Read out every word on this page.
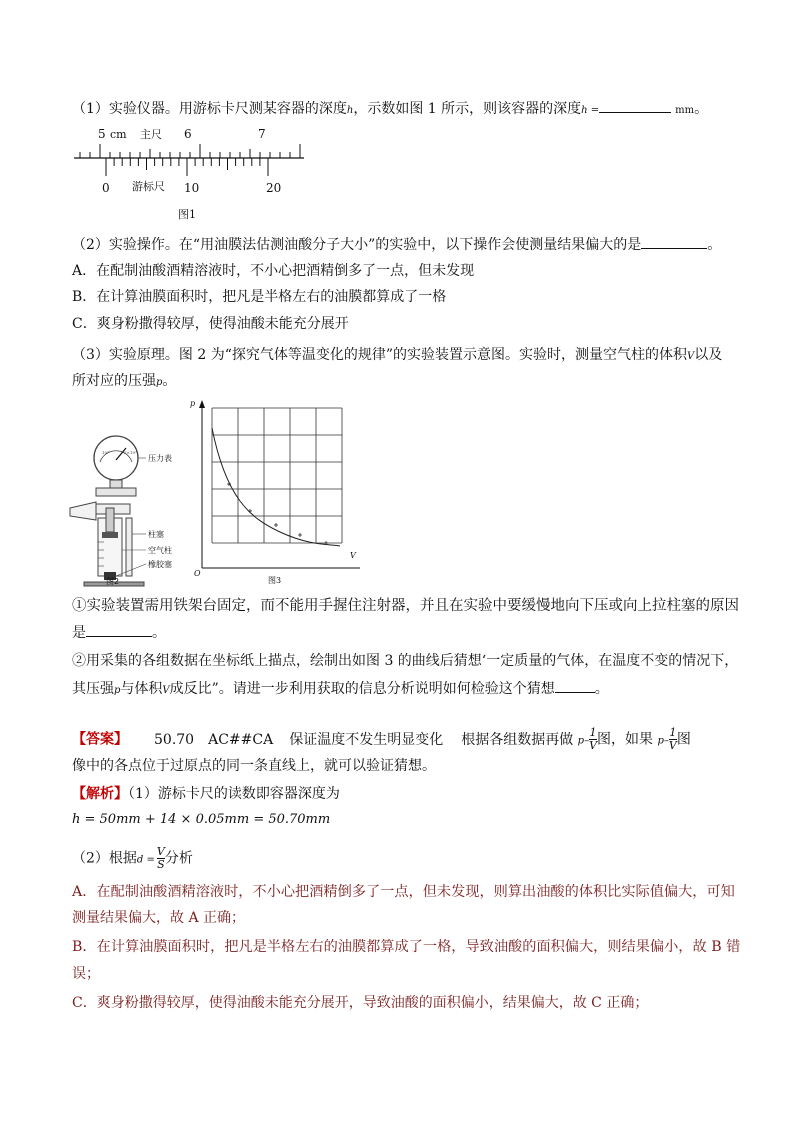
（1）实验仪器。用游标卡尺测某容器的深度h，示数如图 1 所示，则该容器的深度h =	mm。
5 cm 主尺 6	7
0 游标尺 10	20
图1
（2）实验操作。在“用油膜法估测油酸分子大小”的实验中，以下操作会使测量结果偏大的是	。
A．在配制油酸酒精溶液时，不小心把酒精倒多了一点，但未发现
B．在计算油膜面积时，把凡是半格左右的油膜都算成了一格
C．爽身粉撒得较厚，使得油酸未能充分展开
（3）实验原理。图 2 为“探究气体等温变化的规律”的实验装置示意图。实验时，测量空气柱的体积V以及
所对应的压强p。
10⁵	2×10⁵
压力表
柱塞
空气柱
橡胶塞
图2
p
V
O
图3
①实验装置需用铁架台固定，而不能用手握住注射器，并且在实验中要缓慢地向下压或向上拉柱塞的原因
是	。
②用采集的各组数据在坐标纸上描点，绘制出如图 3 的曲线后猜想‘一定质量的气体，在温度不变的情况下，
其压强p与体积V成反比”。请进一步利用获取的信息分析说明如何检验这个猜想	。
【答案】 50.70 AC##CA 保证温度不发生明显变化 根据各组数据再做 $p- \frac{1}{V}$ 图，如果 $p- \frac{1}{V}$ 图
像中的各点位于过原点的同一条直线上，就可以验证猜想。
【解析】（1）游标卡尺的读数即容器深度为
h = 50mm + 14 × 0.05mm = 50.70mm
（2）根据$d = \frac{V}{S}$ 分析
A．在配制油酸酒精溶液时，不小心把酒精倒多了一点，但未发现，则算出油酸的体积比实际值偏大，可知
测量结果偏大，故 A 正确；
B．在计算油膜面积时，把凡是半格左右的油膜都算成了一格，导致油酸的面积偏大，则结果偏小，故 B 错
误；
C．爽身粉撒得较厚，使得油酸未能充分展开，导致油酸的面积偏小，结果偏大，故 C 正确；
